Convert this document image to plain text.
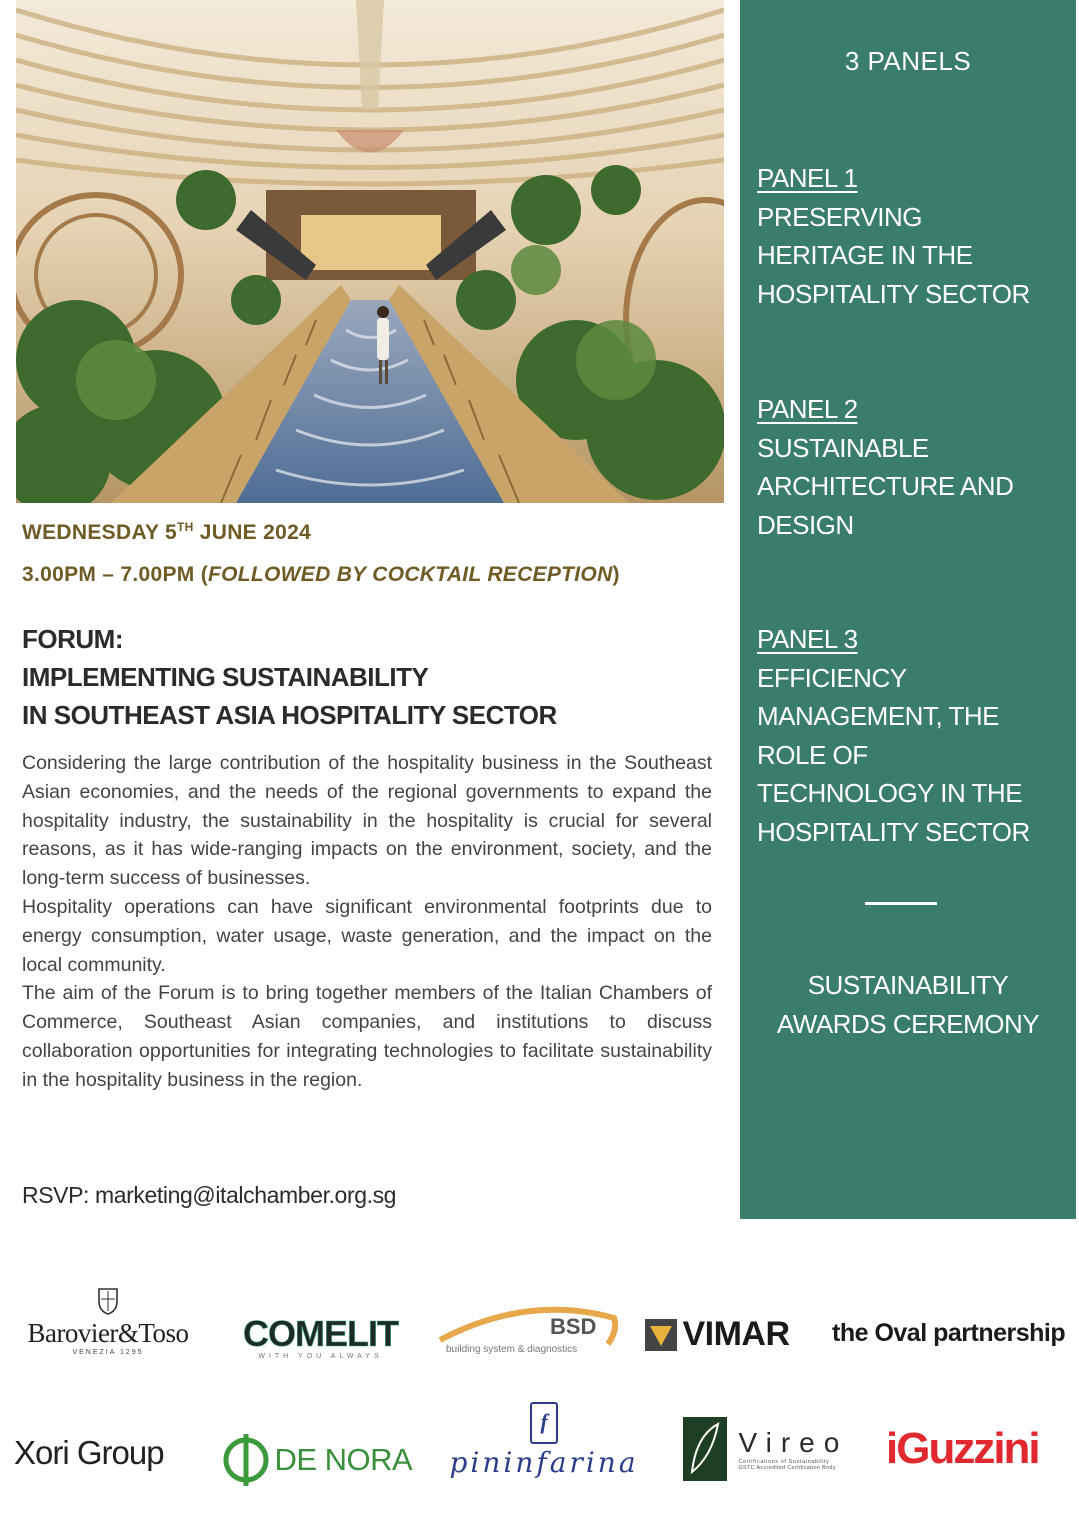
WEDNESDAY 5TH JUNE 2024
3.00PM – 7.00PM (FOLLOWED BY COCKTAIL RECEPTION)
FORUM:
IMPLEMENTING SUSTAINABILITY
IN SOUTHEAST ASIA HOSPITALITY SECTOR

Considering the large contribution of the hospitality business in the Southeast Asian economies, and the needs of the regional governments to expand the hospitality industry, the sustainability in the hospitality is crucial for several reasons, as it has wide-ranging impacts on the environment, society, and the long-term success of businesses.

Hospitality operations can have significant environmental footprints due to energy consumption, water usage, waste generation, and the impact on the local community.

The aim of the Forum is to bring together members of the Italian Chambers of Commerce, Southeast Asian companies, and institutions to discuss collaboration opportunities for integrating technologies to facilitate sustainability in the hospitality business in the region.

RSVP: marketing@italchamber.org.sg
3 PANELS
PANEL 1
PRESERVING
HERITAGE IN THE
HOSPITALITY SECTOR
PANEL 2
SUSTAINABLE
ARCHITECTURE AND
DESIGN
PANEL 3
EFFICIENCY
MANAGEMENT, THE
ROLE OF
TECHNOLOGY IN THE
HOSPITALITY SECTOR
SUSTAINABILITY
AWARDS CEREMONY
Barovier&Toso
VENEZIA 1295	COMELIT
WITH YOU ALWAYS
BSD
building system & diagnostics	VIMAR the Oval partnership
Xori Group	DE NORA
f
pininfarina

Vireo
Certifications of Sustainability
GSTC Accredited Certification Body iGuzzini
